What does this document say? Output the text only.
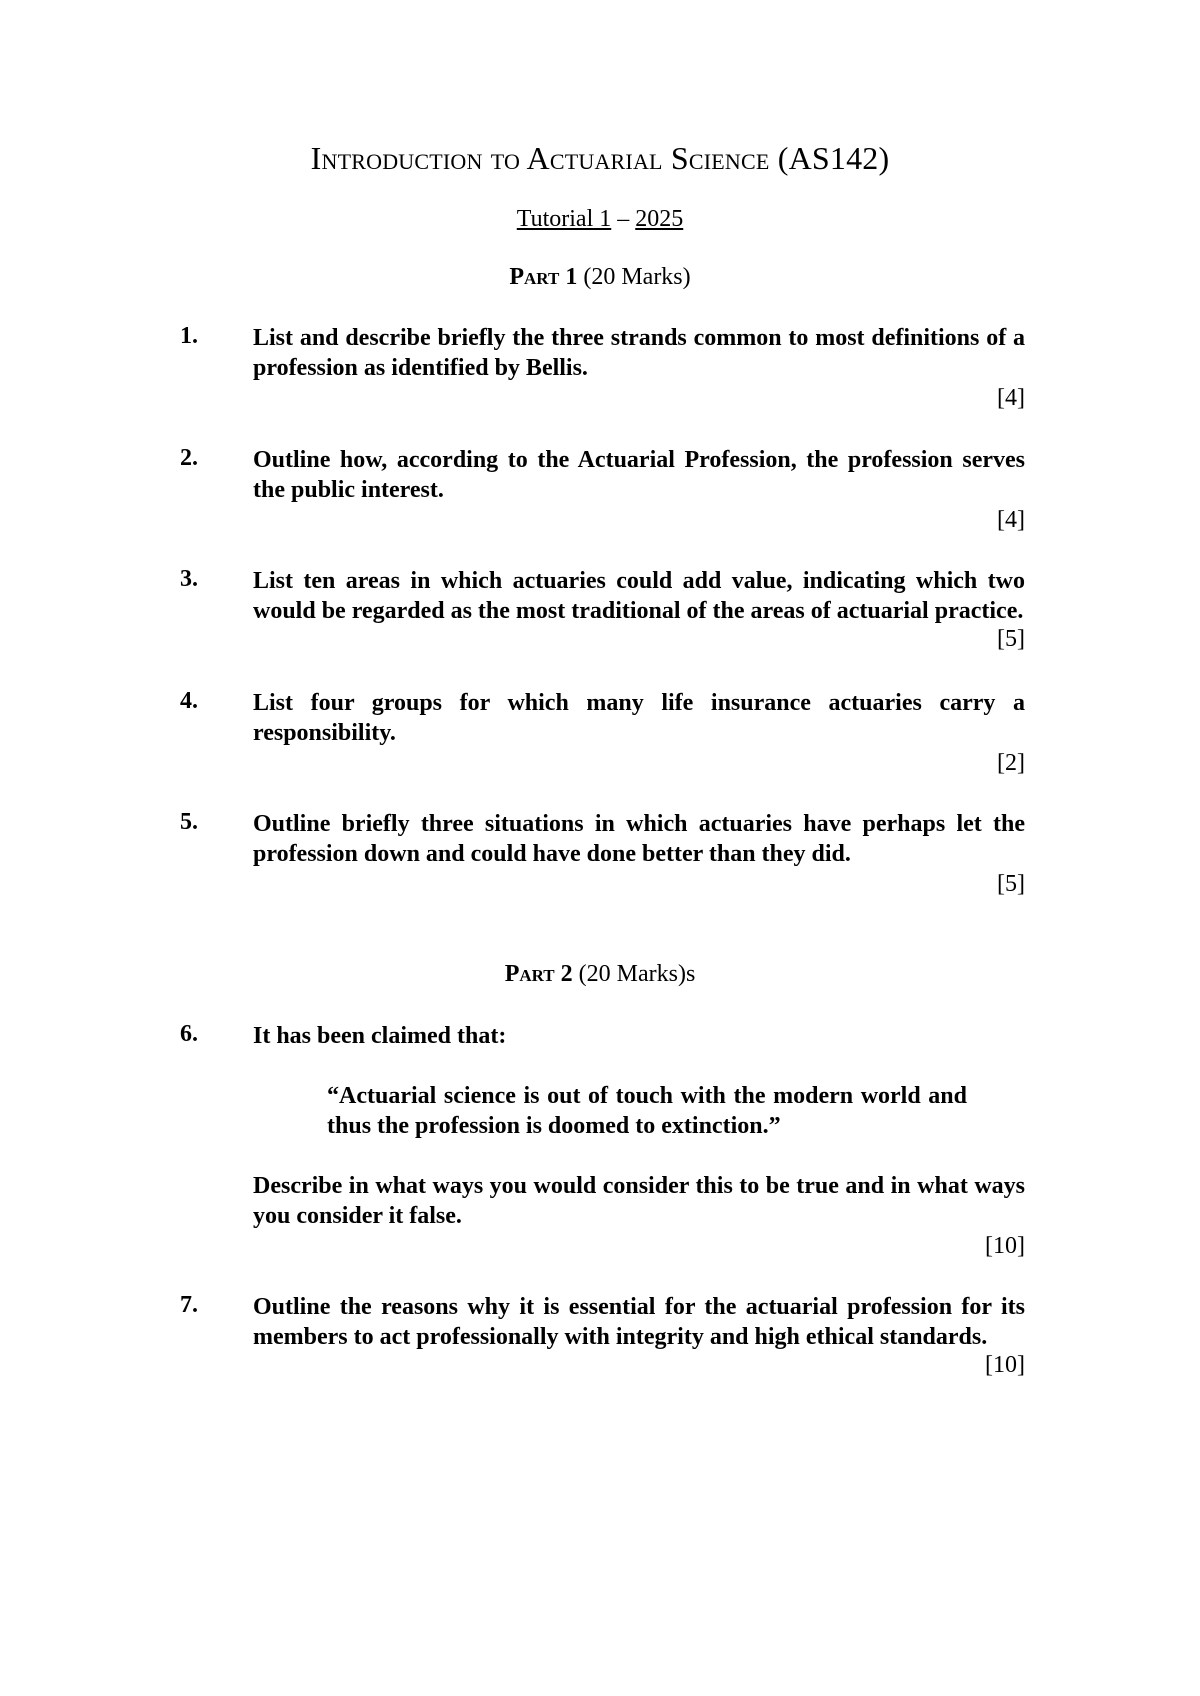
Introduction to Actuarial Science (AS142)
Tutorial 1 – 2025
Part 1 (20 Marks)
1. List and describe briefly the three strands common to most definitions of a profession as identified by Bellis.
[4]
2. Outline how, according to the Actuarial Profession, the profession serves the public interest.
[4]
3. List ten areas in which actuaries could add value, indicating which two would be regarded as the most traditional of the areas of actuarial practice.
[5]
4. List four groups for which many life insurance actuaries carry a responsibility.
[2]
5. Outline briefly three situations in which actuaries have perhaps let the profession down and could have done better than they did.
[5]
Part 2 (20 Marks)s
6. It has been claimed that:
“Actuarial science is out of touch with the modern world and thus the profession is doomed to extinction.”
Describe in what ways you would consider this to be true and in what ways you consider it false.
[10]
7. Outline the reasons why it is essential for the actuarial profession for its members to act professionally with integrity and high ethical standards.
[10]
